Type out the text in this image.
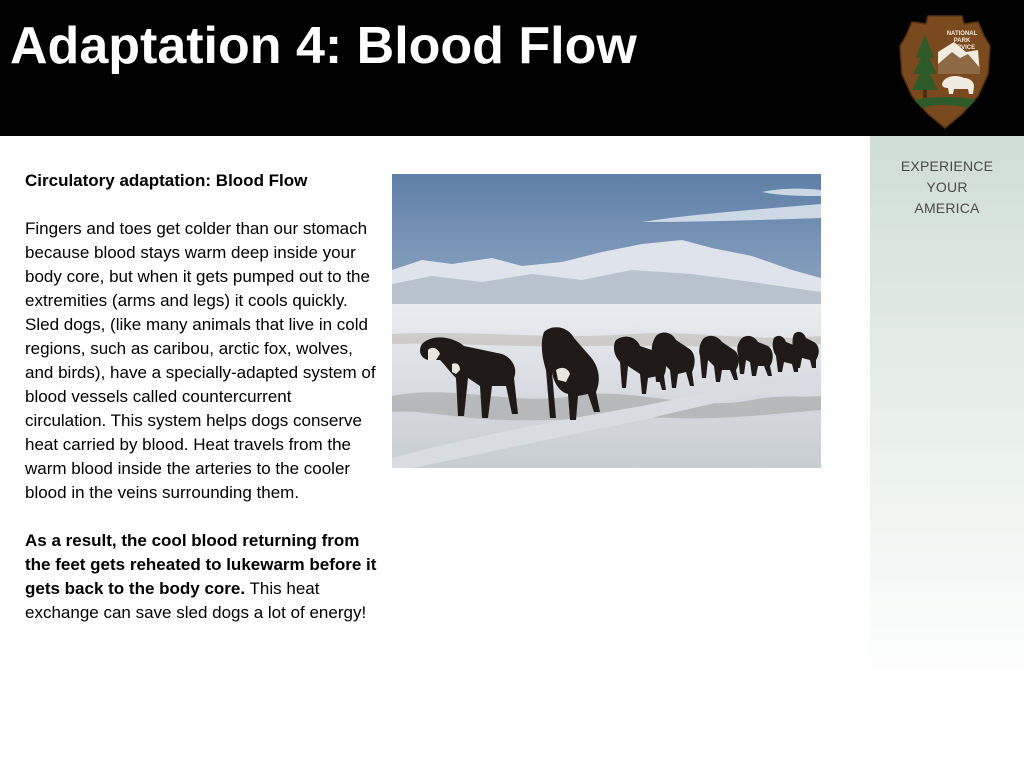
Adaptation 4: Blood Flow	NATIONAL
PARK
SERVICE
EXPERIENCE
YOUR
AMERICA

Circulatory adaptation: Blood Flow

Fingers and toes get colder than our stomach because blood stays warm deep inside your body core, but when it gets pumped out to the extremities (arms and legs) it cools quickly. Sled dogs, (like many animals that live in cold regions, such as caribou, arctic fox, wolves, and birds), have a specially-adapted system of blood vessels called countercurrent circulation. This system helps dogs conserve heat carried by blood. Heat travels from the warm blood inside the arteries to the cooler blood in the veins surrounding them.

As a result, the cool blood returning from the feet gets reheated to lukewarm before it gets back to the body core. This heat exchange can save sled dogs a lot of energy!
